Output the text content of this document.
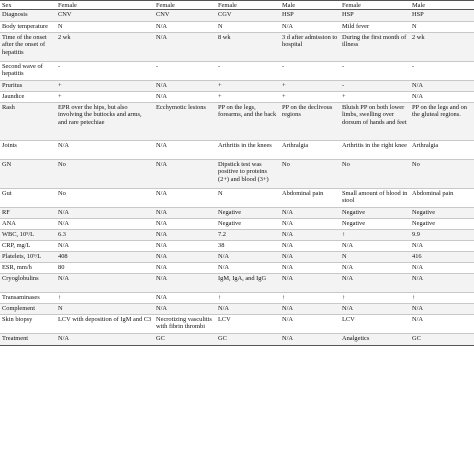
Sex	Female	Female	Female	Male	Female	Male
Diagnosis	CNV	CNV	CGV	HSP	HSP	HSP
Body temperature	N	N/A	N	N/A	Mild fever	N
Time of the onset after the onset of hepatitis	2 wk	N/A	8 wk	3 d after admission to hospital	During the first month of illness	2 wk
Second wave of hepatitis	-	-	-	-	-	-
Pruritus	+	N/A	+	+	-	N/A
Jaundice	+	N/A	+	+	+	N/A
Rash	EPR over the hips, but also involving the buttocks and arms, and rare petechiae	Ecchymotic lesions	PP on the legs, forearms, and the back	PP on the declivous regions	Bluish PP on both lower limbs, swelling over dorsum of hands and feet	PP on the legs and on the gluteal regions.
Joints	N/A	N/A	Arthritis in the knees	Arthralgia	Arthritis in the right knee	Arthralgia
GN	No	N/A	Dipstick test was positive to proteins (2+) and blood (3+)	No	No	No
Gut	No	N/A	N	Abdominal pain	Small amount of blood in stool	Abdominal pain
RF	N/A	N/A	Negative	N/A	Negative	Negative
ANA	N/A	N/A	Negative	N/A	Negative	Negative
WBC, 10⁹/L	6.3	N/A	7.2	N/A	↑	9.9
CRP, mg/L	N/A	N/A	38	N/A	N/A	N/A
Platelets, 10⁹/L	408	N/A	N/A	N/A	N	416
ESR, mm/h	80	N/A	N/A	N/A	N/A	N/A
Cryoglobulins	N/A	N/A	IgM, IgA, and IgG	N/A	N/A	N/A
Transaminases	↑	N/A	↑	↑	↑	↑
Complement	N	N/A	N/A	N/A	N/A	N/A
Skin biopsy	LCV with deposition of IgM and C3	Necrotizing vasculitis with fibrin thrombi	LCV	N/A	LCV	N/A
Treatment	N/A	GC	GC	N/A	Analgetics	GC
